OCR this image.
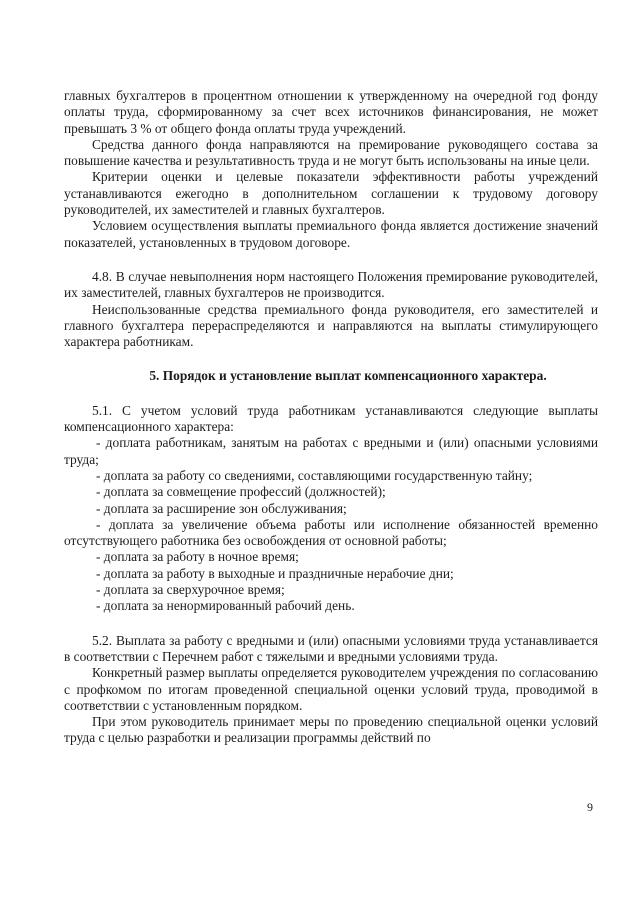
главных бухгалтеров в процентном отношении к утвержденному на очередной год фонду оплаты труда, сформированному за счет всех источников финансирования, не может превышать 3 % от общего фонда оплаты труда учреждений.

Средства данного фонда направляются на премирование руководящего состава за повышение качества и результативность труда и не могут быть использованы на иные цели.

Критерии оценки и целевые показатели эффективности работы учреждений устанавливаются ежегодно в дополнительном соглашении к трудовому договору руководителей, их заместителей и главных бухгалтеров.

Условием осуществления выплаты премиального фонда является достижение значений показателей, установленных в трудовом договоре.

4.8. В случае невыполнения норм настоящего Положения премирование руководителей, их заместителей, главных бухгалтеров не производится.

Неиспользованные средства премиального фонда руководителя, его заместителей и главного бухгалтера перераспределяются и направляются на выплаты стимулирующего характера работникам.

5. Порядок и установление выплат компенсационного характера.

5.1. С учетом условий труда работникам устанавливаются следующие выплаты компенсационного характера:

- доплата работникам, занятым на работах с вредными и (или) опасными условиями труда;

- доплата за работу со сведениями, составляющими государственную тайну;

- доплата за совмещение профессий (должностей);

- доплата за расширение зон обслуживания;

- доплата за увеличение объема работы или исполнение обязанностей временно отсутствующего работника без освобождения от основной работы;

- доплата за работу в ночное время;

- доплата за работу в выходные и праздничные нерабочие дни;

- доплата за сверхурочное время;

- доплата за ненормированный рабочий день.

5.2. Выплата за работу с вредными и (или) опасными условиями труда устанавливается в соответствии с Перечнем работ с тяжелыми и вредными условиями труда.

Конкретный размер выплаты определяется руководителем учреждения по согласованию с профкомом по итогам проведенной специальной оценки условий труда, проводимой в соответствии с установленным порядком.

При этом руководитель принимает меры по проведению специальной оценки условий труда с целью разработки и реализации программы действий по

9
